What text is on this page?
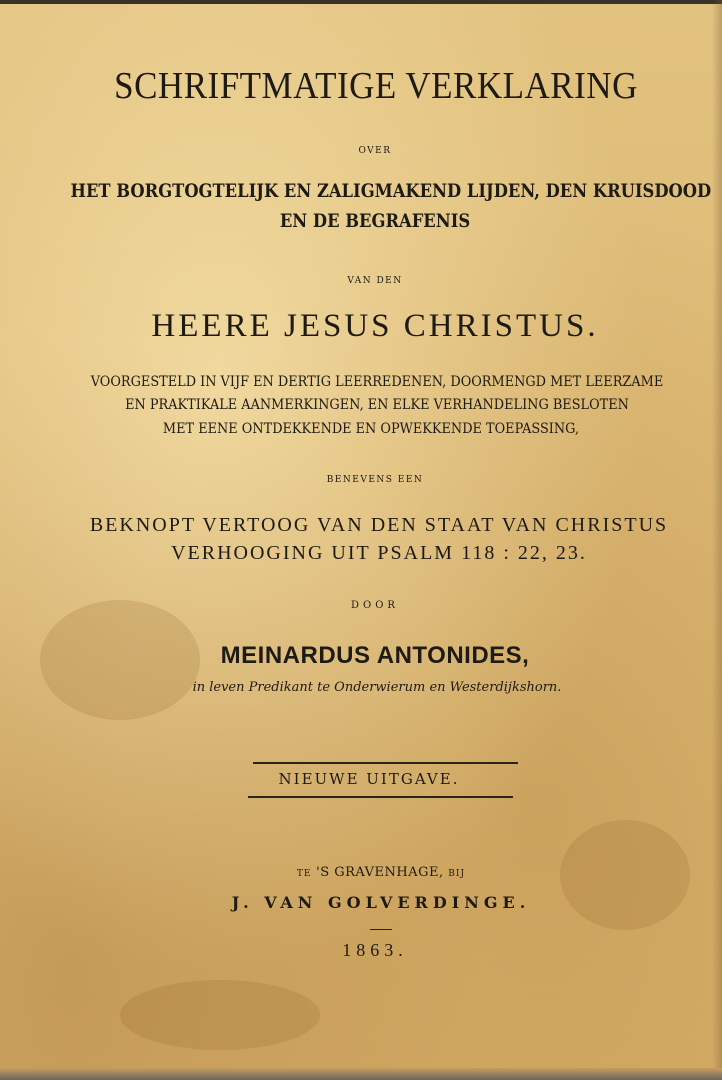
SCHRIFTMATIGE VERKLARING
OVER
HET BORGTOGTELIJK EN ZALIGMAKEND LIJDEN, DEN KRUISDOOD
EN DE BEGRAFENIS
VAN DEN
HEERE JESUS CHRISTUS.
VOORGESTELD IN VIJF EN DERTIG LEERREDENEN, DOORMENGD MET LEERZAME
EN PRAKTIKALE AANMERKINGEN, EN ELKE VERHANDELING BESLOTEN
MET EENE ONTDEKKENDE EN OPWEKKENDE TOEPASSING,
BENEVENS EEN
BEKNOPT VERTOOG VAN DEN STAAT VAN CHRISTUS
VERHOOGING UIT PSALM 118 : 22, 23.
DOOR
MEINARDUS ANTONIDES,
in leven Predikant te Onderwierum en Westerdijkshorn.
NIEUWE UITGAVE.
TE 'S GRAVENHAGE, BIJ
J. VAN GOLVERDINGE.
1863.
